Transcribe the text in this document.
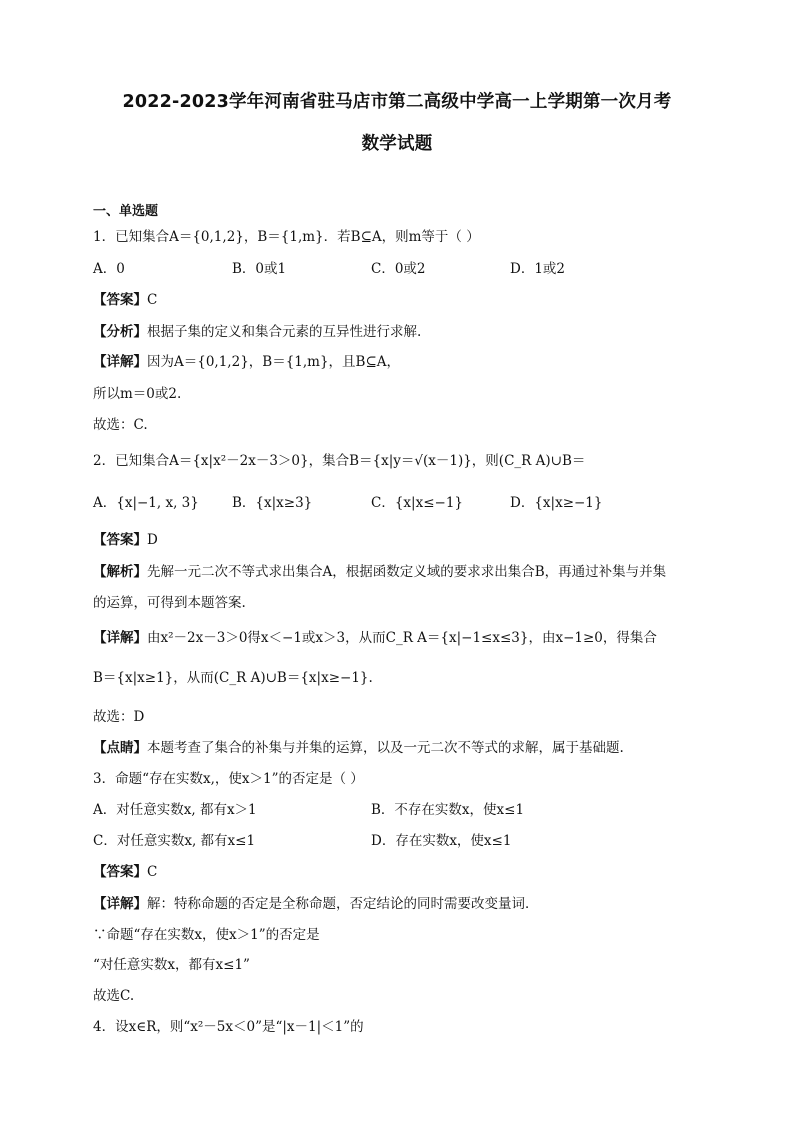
2022-2023学年河南省驻马店市第二高级中学高一上学期第一次月考
数学试题
一、单选题
1．已知集合A＝{0,1,2}，B＝{1,m}．若B⊆A，则m等于（ ）
A．0	B．0或1	C．0或2	D．1或2
【答案】C
【分析】根据子集的定义和集合元素的互异性进行求解.
【详解】因为A＝{0,1,2}，B＝{1,m}，且B⊆A，
所以m＝0或2.
故选：C.
2．已知集合A＝{x|x²－2x－3＞0}，集合B＝{x|y＝√(x－1)}，则(C_R A)∪B＝
A．{x|−1, x, 3} B．{x|x≥3}	C．{x|x≤−1}	D．{x|x≥−1}
【答案】D
【解析】先解一元二次不等式求出集合A，根据函数定义域的要求求出集合B，再通过补集与并集
的运算，可得到本题答案.
【详解】由x²－2x－3＞0得x＜−1或x＞3，从而C_R A＝{x|−1≤x≤3}，由x−1≥0，得集合
B＝{x|x≥1}，从而(C_R A)∪B＝{x|x≥−1}.
故选：D
【点睛】本题考查了集合的补集与并集的运算，以及一元二次不等式的求解，属于基础题.
3．命题“存在实数x,，使x＞1”的否定是（ ）
A．对任意实数x, 都有x＞1	B．不存在实数x，使x≤1
C．对任意实数x, 都有x≤1	D．存在实数x，使x≤1
【答案】C
【详解】解：特称命题的否定是全称命题，否定结论的同时需要改变量词．
∵命题“存在实数x，使x＞1”的否定是
“对任意实数x，都有x≤1”
故选C.
4．设x∈R，则“x²－5x＜0”是“|x－1|＜1”的
